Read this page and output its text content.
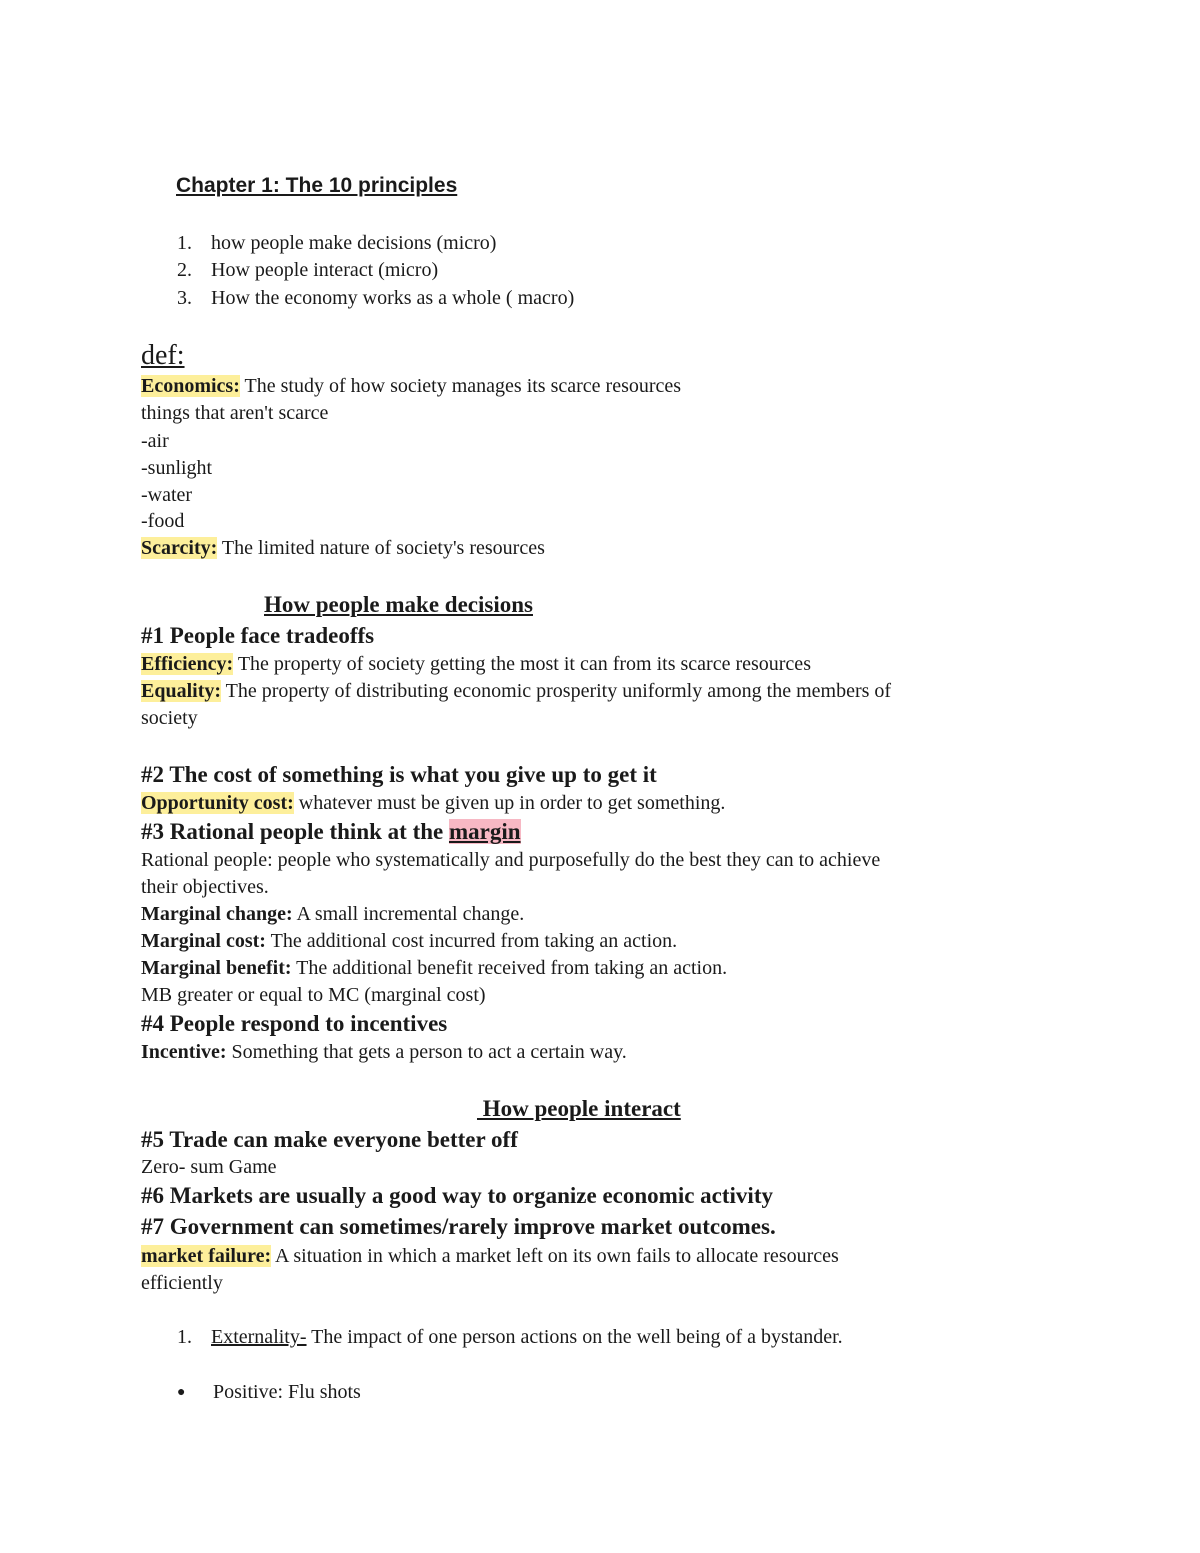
Chapter 1: The 10 principles
1. how people make decisions (micro)
2. How people interact (micro)
3. How the economy works as a whole ( macro)
def:
Economics: The study of how society manages its scarce resources
things that aren't scarce
-air
-sunlight
-water
-food
Scarcity: The limited nature of society's resources
How people make decisions
#1 People face tradeoffs
Efficiency: The property of society getting the most it can from its scarce resources
Equality: The property of distributing economic prosperity uniformly among the members of
society
#2 The cost of something is what you give up to get it
Opportunity cost: whatever must be given up in order to get something.
#3 Rational people think at the margin
Rational people: people who systematically and purposefully do the best they can to achieve
their objectives.
Marginal change: A small incremental change.
Marginal cost: The additional cost incurred from taking an action.
Marginal benefit: The additional benefit received from taking an action.
MB greater or equal to MC (marginal cost)
#4 People respond to incentives
Incentive: Something that gets a person to act a certain way.
How people interact
#5 Trade can make everyone better off
Zero- sum Game
#6 Markets are usually a good way to organize economic activity
#7 Government can sometimes/rarely improve market outcomes.
market failure: A situation in which a market left on its own fails to allocate resources
efficiently
1. Externality- The impact of one person actions on the well being of a bystander.
● Positive: Flu shots
